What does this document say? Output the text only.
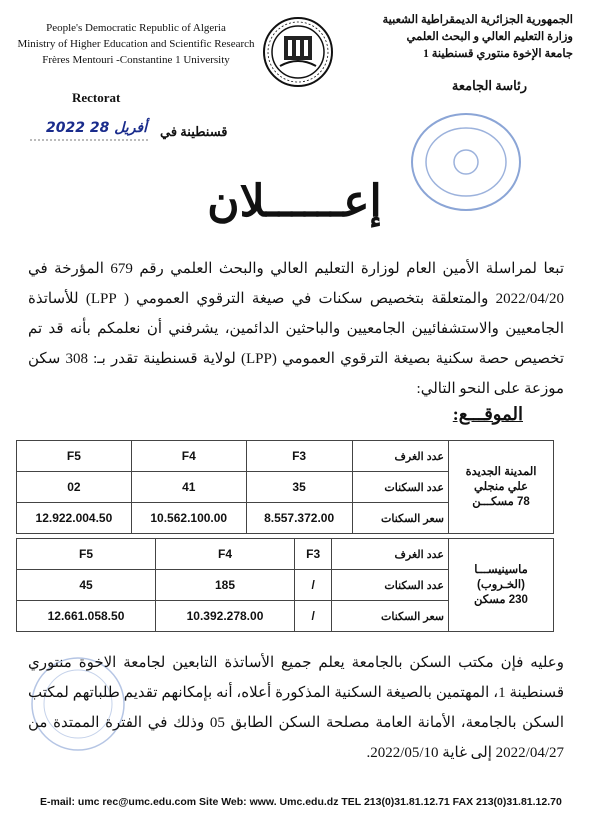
People's Democratic Republic of Algeria
Ministry of Higher Education and Scientific Research
Frères Mentouri -Constantine 1 University
الجمهورية الجزائرية الديمقراطية الشعبية
وزارة التعليم العالي و البحث العلمي
جامعة الإخوة منتوري قسنطينة 1
Rectorat
رئاسة الجامعة
2022 أفريل 28 قسنطينة في
إعــــــلان
تبعا لمراسلة الأمين العام لوزارة التعليم العالي والبحث العلمي رقم 679 المؤرخة في 2022/04/20 والمتعلقة بتخصيص سكنات في صيغة الترقوي العمومي ( LPP) للأساتذة الجامعيين والاستشفائيين الجامعيين والباحثين الدائمين، يشرفني أن نعلمكم بأنه قد تم تخصيص حصة سكنية بصيغة الترقوي العمومي (LPP) لولاية قسنطينة تقدر بـ: 308 سكن موزعة على النحو التالي:
الموقـــع:
F5	F4	F3	عدد الغرف	المدينة الجديدة
علي منجلي
78 مسكـــن

02	41	35	عدد السكنات	
12.922.004.50	10.562.100.00	8.557.372.00	سعر السكنات	
F5	F4	F3	عدد الغرف	ماسينيســـا
(الخـروب)
230 مسكن

45	185	/	عدد السكنات	
12.661.058.50	10.392.278.00	/	سعر السكنات	
وعليه فإن مكتب السكن بالجامعة يعلم جميع الأساتذة التابعين لجامعة الاخوة منتوري قسنطينة 1، المهتمين بالصيغة السكنية المذكورة أعلاه، أنه بإمكانهم تقديم طلباتهم لمكتب السكن بالجامعة، الأمانة العامة مصلحة السكن الطابق 05 وذلك في الفترة الممتدة من 2022/04/27 إلى غاية 2022/05/10.
E-mail: umc rec@umc.edu.com Site Web: www. Umc.edu.dz TEL 213(0)31.81.12.71 FAX 213(0)31.81.12.70
